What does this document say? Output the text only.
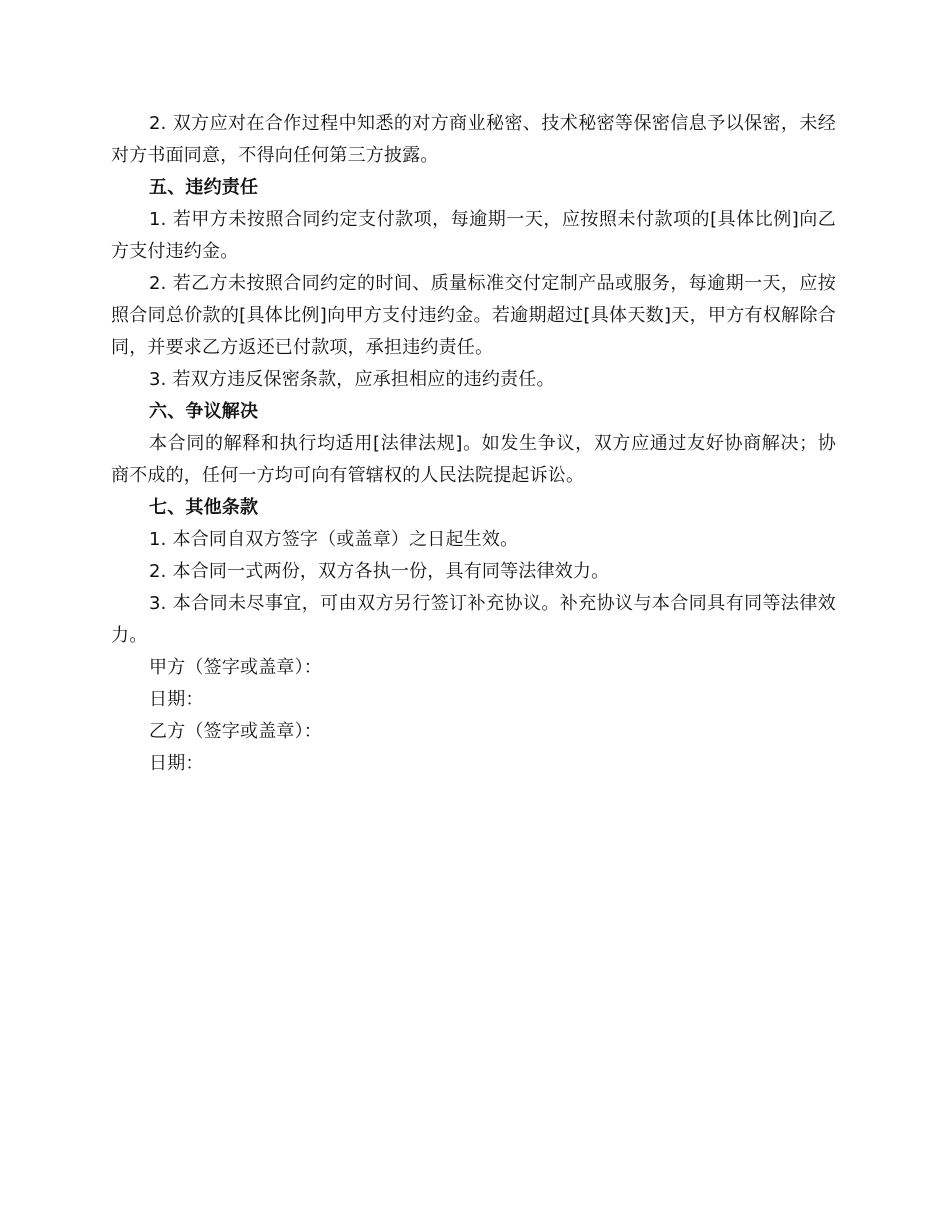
2. 双方应对在合作过程中知悉的对方商业秘密、技术秘密等保密信息予以保密，未经对方书面同意，不得向任何第三方披露。

五、违约责任

1. 若甲方未按照合同约定支付款项，每逾期一天，应按照未付款项的[具体比例]向乙方支付违约金。

2. 若乙方未按照合同约定的时间、质量标准交付定制产品或服务，每逾期一天，应按照合同总价款的[具体比例]向甲方支付违约金。若逾期超过[具体天数]天，甲方有权解除合同，并要求乙方返还已付款项，承担违约责任。

3. 若双方违反保密条款，应承担相应的违约责任。

六、争议解决

本合同的解释和执行均适用[法律法规]。如发生争议，双方应通过友好协商解决；协商不成的，任何一方均可向有管辖权的人民法院提起诉讼。

七、其他条款

1. 本合同自双方签字（或盖章）之日起生效。

2. 本合同一式两份，双方各执一份，具有同等法律效力。

3. 本合同未尽事宜，可由双方另行签订补充协议。补充协议与本合同具有同等法律效力。

甲方（签字或盖章）：

日期：

乙方（签字或盖章）：

日期：
